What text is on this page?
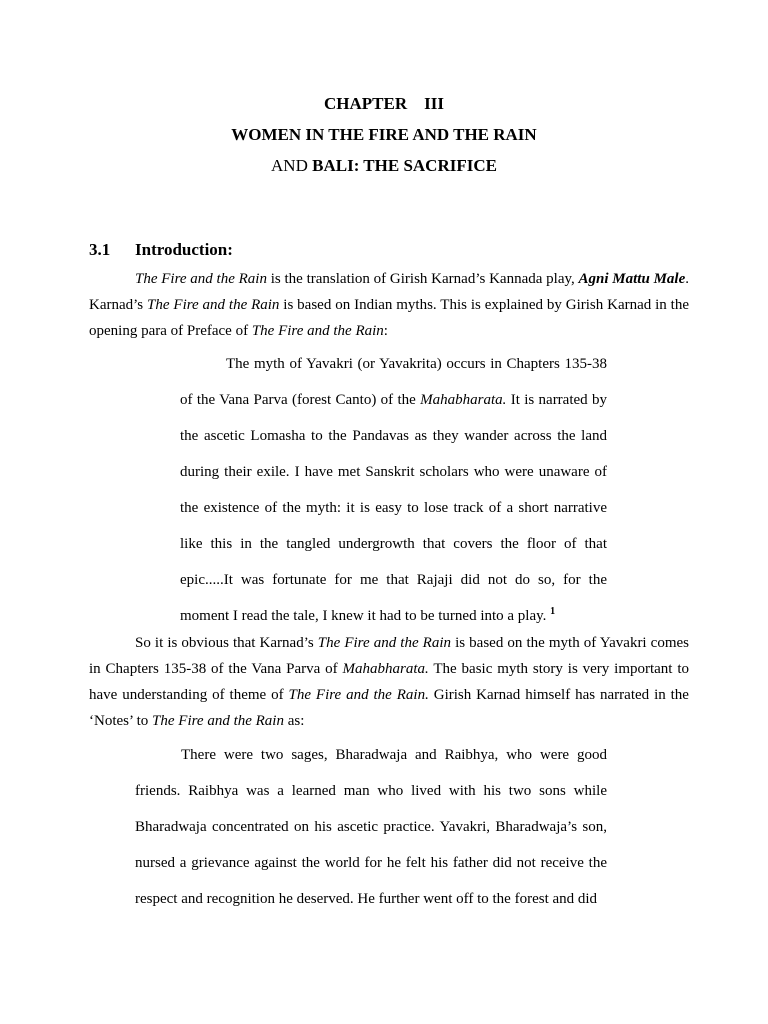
CHAPTER    III

WOMEN IN THE FIRE AND THE RAIN

AND BALI: THE SACRIFICE

3.1 Introduction:

The Fire and the Rain is the translation of Girish Karnad’s Kannada play, Agni Mattu Male. Karnad’s The Fire and the Rain is based on Indian myths. This is explained by Girish Karnad in the opening para of Preface of The Fire and the Rain:

The myth of Yavakri (or Yavakrita) occurs in Chapters 135-38 of the Vana Parva (forest Canto) of the Mahabharata. It is narrated by the ascetic Lomasha to the Pandavas as they wander across the land during their exile. I have met Sanskrit scholars who were unaware of the existence of the myth: it is easy to lose track of a short narrative like this in the tangled undergrowth that covers the floor of that epic.....It was fortunate for me that Rajaji did not do so, for the moment I read the tale, I knew it had to be turned into a play. $^1$

So it is obvious that Karnad’s The Fire and the Rain is based on the myth of Yavakri comes in Chapters 135-38 of the Vana Parva of Mahabharata. The basic myth story is very important to have understanding of theme of The Fire and the Rain. Girish Karnad himself has narrated in the ‘Notes’ to The Fire and the Rain as:

There were two sages, Bharadwaja and Raibhya, who were good friends. Raibhya was a learned man who lived with his two sons while Bharadwaja concentrated on his ascetic practice. Yavakri, Bharadwaja’s son, nursed a grievance against the world for he felt his father did not receive the respect and recognition he deserved. He further went off to the forest and did
